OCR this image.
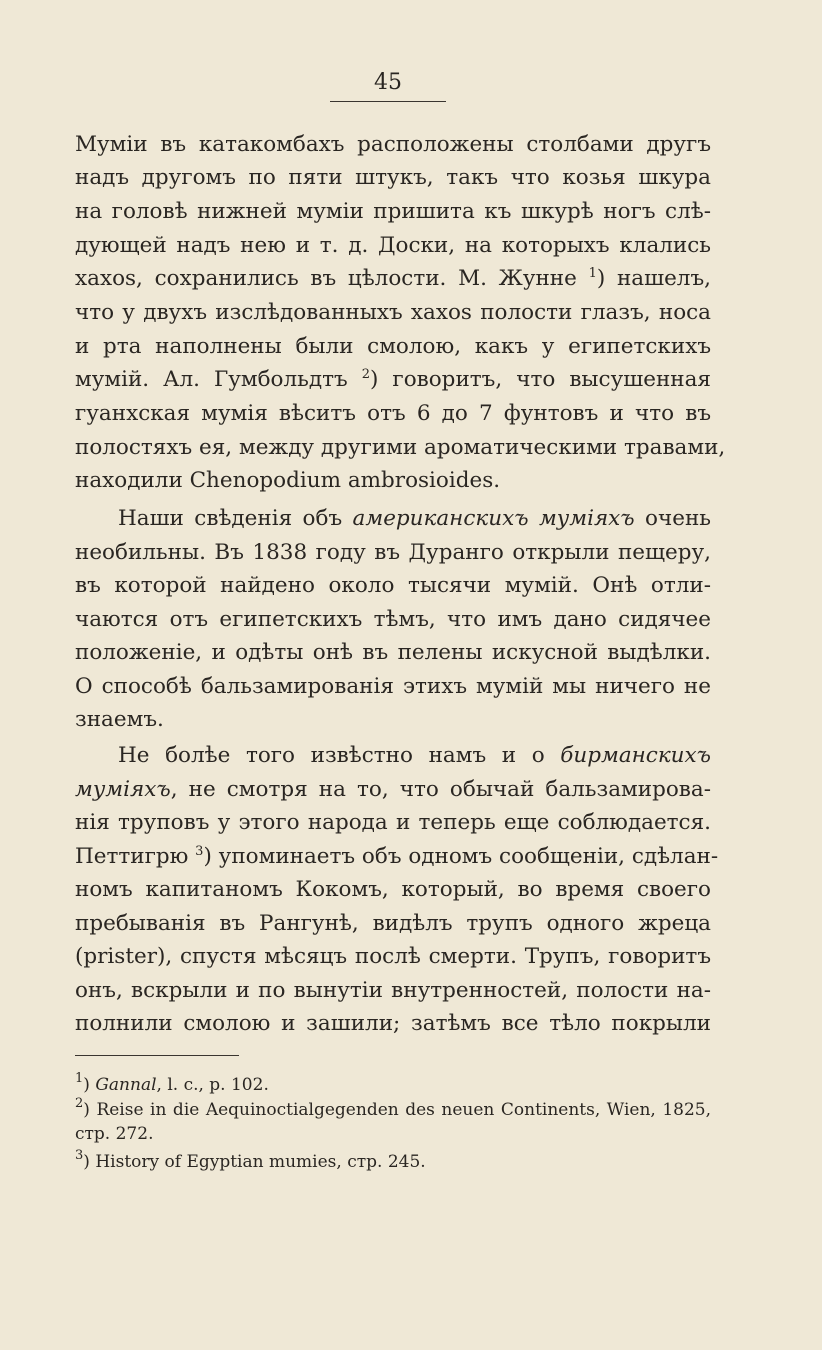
45
Муміи въ катакомбахъ расположены столбами другъ
надъ другомъ по пяти штукъ, такъ что козья шкура
на головѣ нижней муміи пришита къ шкурѣ ногъ слѣ-
дующей надъ нею и т. д. Доски, на которыхъ клались
хахоs, сохранились въ цѣлости. М. Жунне $^1$) нашелъ,
что у двухъ изслѣдованныхъ хахоs полости глазъ, носа
и рта наполнены были смолою, какъ у египетскихъ
мумій. Ал. Гумбольдтъ $^2$) говоритъ, что высушенная
гуанхская мумія вѣситъ отъ 6 до 7 фунтовъ и что въ
полостяхъ ея, между другими ароматическими травами,
находили Chenopodium ambrosioides.
Наши свѣденія объ американскихъ муміяхъ очень
необильны. Въ 1838 году въ Дуранго открыли пещеру,
въ которой найдено около тысячи мумій. Онѣ отли-
чаются отъ египетскихъ тѣмъ, что имъ дано сидячее
положеніе, и одѣты онѣ въ пелены искусной выдѣлки.
О способѣ бальзамированія этихъ мумій мы ничего не
знаемъ.
Не болѣе того извѣстно намъ и о бирманскихъ
муміяхъ, не смотря на то, что обычай бальзамирова-
нія труповъ у этого народа и теперь еще соблюдается.
Петтигрю $^3$) упоминаетъ объ одномъ сообщеніи, сдѣлан-
номъ капитаномъ Кокомъ, который, во время своего
пребыванія въ Рангунѣ, видѣлъ трупъ одного жреца
(prister), спустя мѣсяцъ послѣ смерти. Трупъ, говоритъ
онъ, вскрыли и по вынутіи внутренностей, полости на-
полнили смолою и зашили; затѣмъ все тѣло покрыли
$^1$) Gannal, l. c., p. 102.
$^2$) Reise in die Aequinoctialgegenden des neuen Continents, Wien, 1825,
стр. 272.
$^3$) History of Egyptian mumies, стр. 245.
